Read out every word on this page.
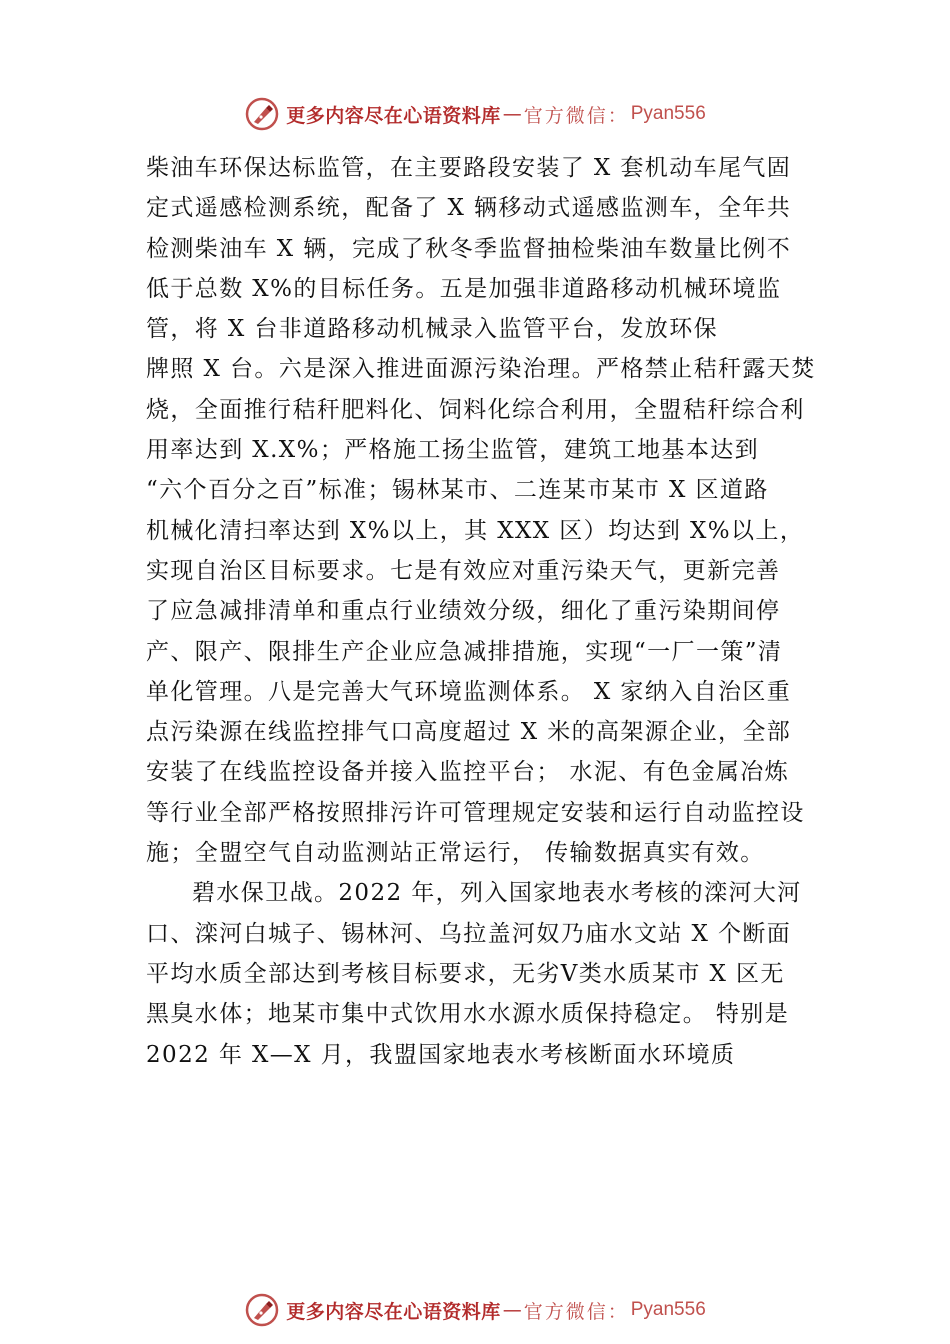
更多内容尽在心语资料库 — 官方微信： Pyan556
柴油车环保达标监管，在主要路段安装了 X 套机动车尾气固
定式遥感检测系统，配备了 X 辆移动式遥感监测车，全年共
检测柴油车 X 辆，完成了秋冬季监督抽检柴油车数量比例不
低于总数 X%的目标任务。五是加强非道路移动机械环境监
管，将 X 台非道路移动机械录入监管平台，发放环保
牌照 X 台。六是深入推进面源污染治理。严格禁止秸秆露天焚
烧，全面推行秸秆肥料化、饲料化综合利用，全盟秸秆综合利
用率达到 X.X%；严格施工扬尘监管，建筑工地基本达到
“六个百分之百”标准；锡林某市、二连某市某市 X 区道路
机械化清扫率达到 X%以上，其 XXX 区）均达到 X%以上，
实现自治区目标要求。七是有效应对重污染天气，更新完善
了应急减排清单和重点行业绩效分级，细化了重污染期间停
产、限产、限排生产企业应急减排措施，实现“一厂一策”清
单化管理。八是完善大气环境监测体系。 X 家纳入自治区重
点污染源在线监控排气口高度超过 X 米的高架源企业，全部
安装了在线监控设备并接入监控平台； 水泥、有色金属冶炼
等行业全部严格按照排污许可管理规定安装和运行自动监控设
施；全盟空气自动监测站正常运行， 传输数据真实有效。
碧水保卫战。2022 年，列入国家地表水考核的滦河大河
口、滦河白城子、锡林河、乌拉盖河奴乃庙水文站 X 个断面
平均水质全部达到考核目标要求，无劣Ⅴ类水质某市 X 区无
黑臭水体；地某市集中式饮用水水源水质保持稳定。 特别是
2022 年 X—X 月，我盟国家地表水考核断面水环境质
更多内容尽在心语资料库 — 官方微信： Pyan556
